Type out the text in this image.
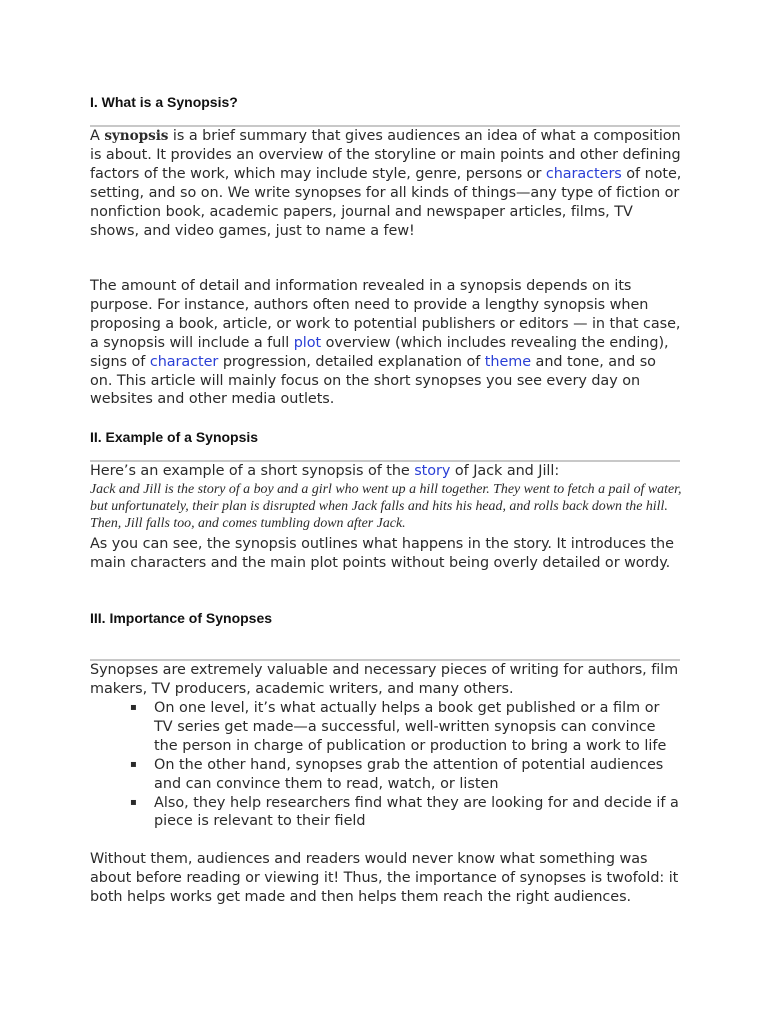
I. What is a Synopsis?

A synopsis is a brief summary that gives audiences an idea of what a composition is about. It provides an overview of the storyline or main points and other defining factors of the work, which may include style, genre, persons or characters of note, setting, and so on. We write synopses for all kinds of things—any type of fiction or nonfiction book, academic papers, journal and newspaper articles, films, TV shows, and video games, just to name a few!

The amount of detail and information revealed in a synopsis depends on its purpose. For instance, authors often need to provide a lengthy synopsis when proposing a book, article, or work to potential publishers or editors — in that case, a synopsis will include a full plot overview (which includes revealing the ending), signs of character progression, detailed explanation of theme and tone, and so on. This article will mainly focus on the short synopses you see every day on websites and other media outlets.

II. Example of a Synopsis

Here’s an example of a short synopsis of the story of Jack and Jill:

Jack and Jill is the story of a boy and a girl who went up a hill together. They went to fetch a pail of water, but unfortunately, their plan is disrupted when Jack falls and hits his head, and rolls back down the hill. Then, Jill falls too, and comes tumbling down after Jack.

As you can see, the synopsis outlines what happens in the story. It introduces the main characters and the main plot points without being overly detailed or wordy.

III. Importance of Synopses

Synopses are extremely valuable and necessary pieces of writing for authors, film makers, TV producers, academic writers, and many others.

▪ On one level, it’s what actually helps a book get published or a film or TV series get made—a successful, well-written synopsis can convince the person in charge of publication or production to bring a work to life
▪ On the other hand, synopses grab the attention of potential audiences and can convince them to read, watch, or listen
▪ Also, they help researchers find what they are looking for and decide if a piece is relevant to their field

Without them, audiences and readers would never know what something was about before reading or viewing it! Thus, the importance of synopses is twofold: it both helps works get made and then helps them reach the right audiences.
